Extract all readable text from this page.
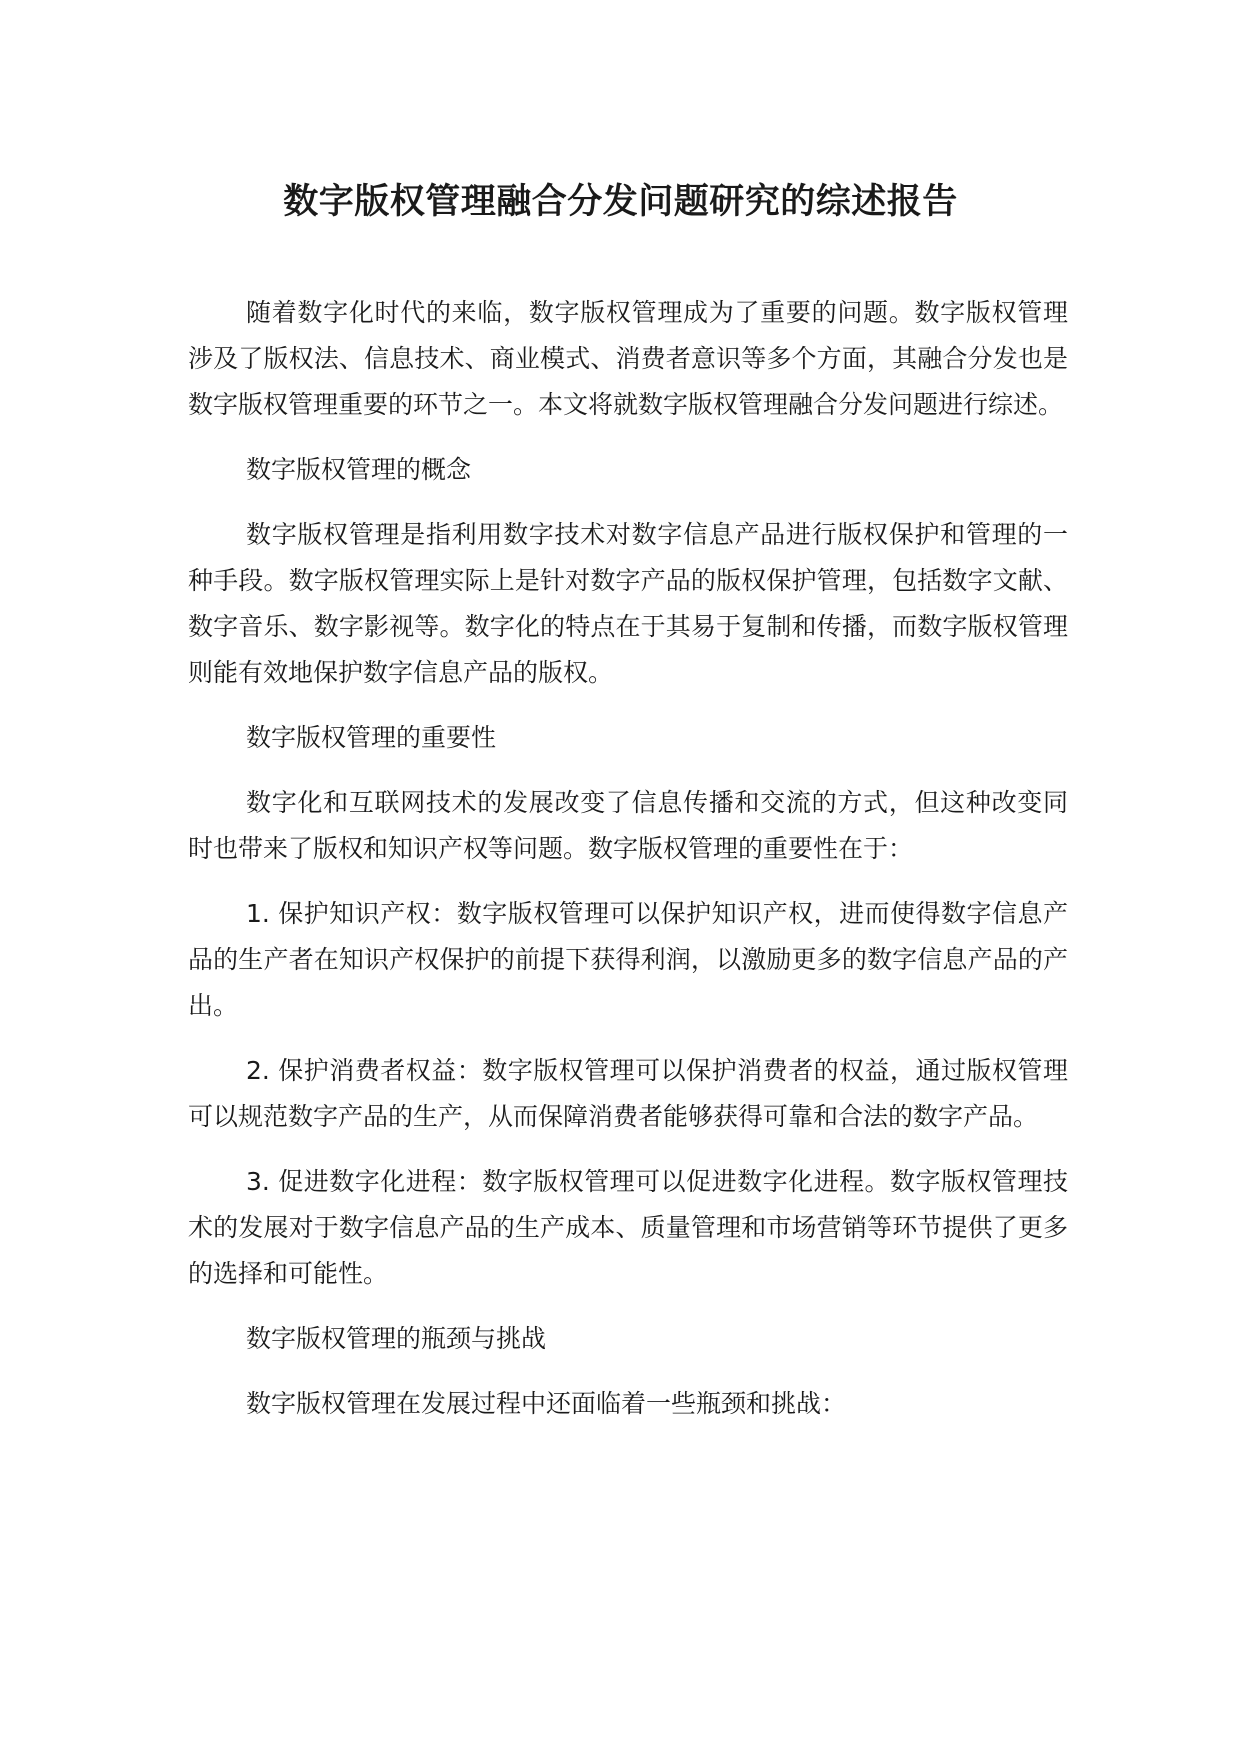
数字版权管理融合分发问题研究的综述报告

随着数字化时代的来临，数字版权管理成为了重要的问题。数字版权管理涉及了版权法、信息技术、商业模式、消费者意识等多个方面，其融合分发也是数字版权管理重要的环节之一。本文将就数字版权管理融合分发问题进行综述。

数字版权管理的概念

数字版权管理是指利用数字技术对数字信息产品进行版权保护和管理的一种手段。数字版权管理实际上是针对数字产品的版权保护管理，包括数字文献、数字音乐、数字影视等。数字化的特点在于其易于复制和传播，而数字版权管理则能有效地保护数字信息产品的版权。

数字版权管理的重要性

数字化和互联网技术的发展改变了信息传播和交流的方式，但这种改变同时也带来了版权和知识产权等问题。数字版权管理的重要性在于：

1. 保护知识产权：数字版权管理可以保护知识产权，进而使得数字信息产品的生产者在知识产权保护的前提下获得利润，以激励更多的数字信息产品的产出。

2. 保护消费者权益：数字版权管理可以保护消费者的权益，通过版权管理可以规范数字产品的生产，从而保障消费者能够获得可靠和合法的数字产品。

3. 促进数字化进程：数字版权管理可以促进数字化进程。数字版权管理技术的发展对于数字信息产品的生产成本、质量管理和市场营销等环节提供了更多的选择和可能性。

数字版权管理的瓶颈与挑战

数字版权管理在发展过程中还面临着一些瓶颈和挑战：
